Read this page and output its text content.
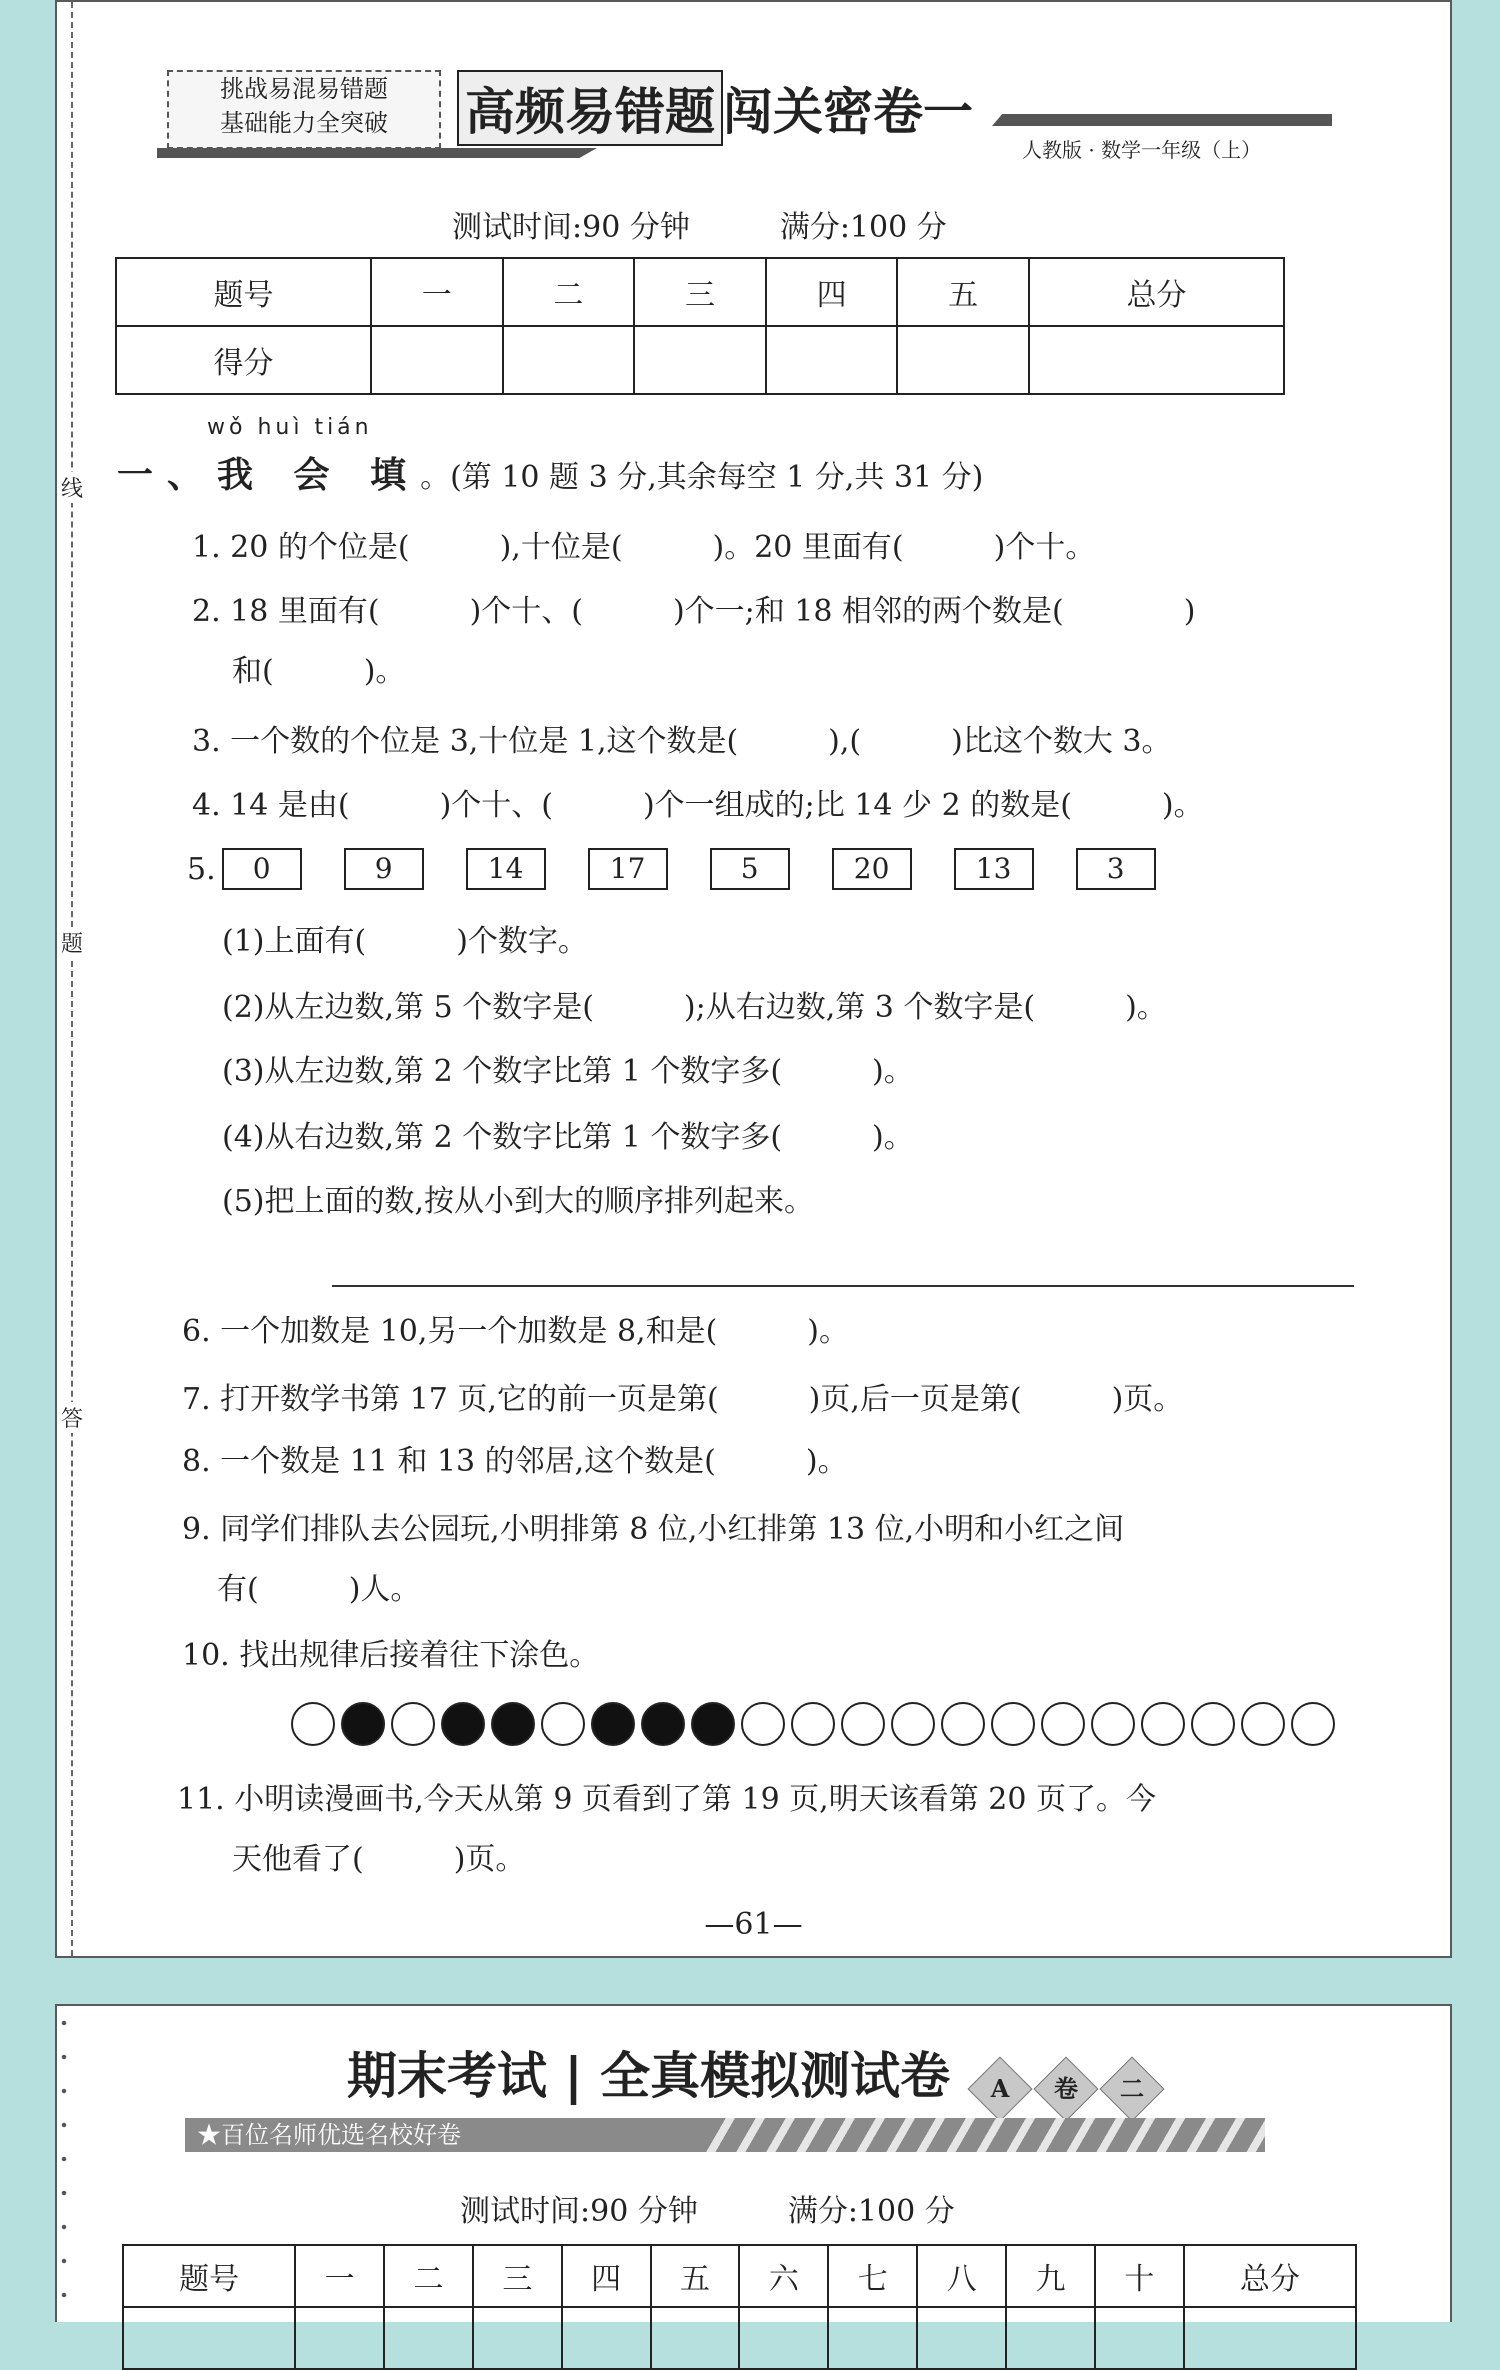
线
题
答
挑战易混易错题
基础能力全突破	高频易错题 闯关密卷一
人教版 · 数学一年级（上）
测试时间:90 分钟	满分:100 分
题号	一	二	三	四	五	总分
得分						
wǒ huì tián
一、我 会 填。(第 10 题 3 分,其余每空 1 分,共 31 分)
1. 20 的个位是(　　　),十位是(　　　)。20 里面有(　　　)个十。
2. 18 里面有(　　　)个十、(　　　)个一;和 18 相邻的两个数是(　　　　)
和(　　　)。
3. 一个数的个位是 3,十位是 1,这个数是(　　　),(　　　)比这个数大 3。
4. 14 是由(　　　)个十、(　　　)个一组成的;比 14 少 2 的数是(　　　)。
5.	0	9	14	17	5	20	13	3
(1)上面有(　　　)个数字。
(2)从左边数,第 5 个数字是(　　　);从右边数,第 3 个数字是(　　　)。
(3)从左边数,第 2 个数字比第 1 个数字多(　　　)。
(4)从右边数,第 2 个数字比第 1 个数字多(　　　)。
(5)把上面的数,按从小到大的顺序排列起来。
6. 一个加数是 10,另一个加数是 8,和是(　　　)。
7. 打开数学书第 17 页,它的前一页是第(　　　)页,后一页是第(　　　)页。
8. 一个数是 11 和 13 的邻居,这个数是(　　　)。
9. 同学们排队去公园玩,小明排第 8 位,小红排第 13 位,小明和小红之间
有(　　　)人。
10. 找出规律后接着往下涂色。
11. 小明读漫画书,今天从第 9 页看到了第 19 页,明天该看第 20 页了。今
天他看了(　　　)页。
—61—
期末考试 | 全真模拟测试卷	A	卷	二
★百位名师优选名校好卷
测试时间:90 分钟	满分:100 分
题号	一	二	三	四	五	六	七	八	九	十	总分
